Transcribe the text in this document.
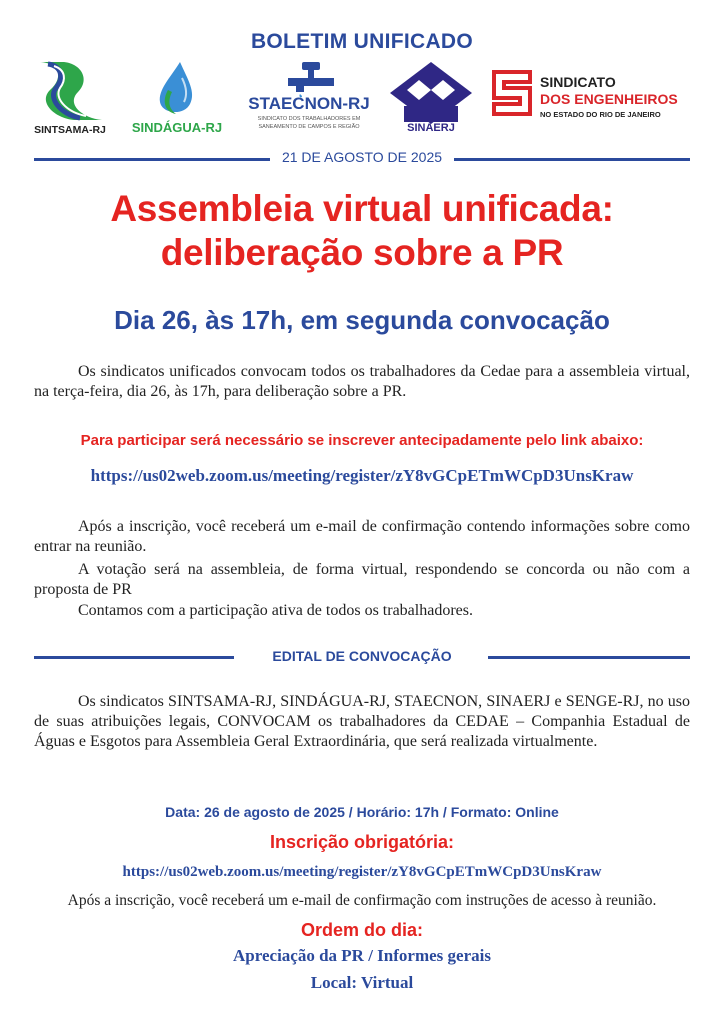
BOLETIM UNIFICADO
SINTSAMA-RJ	SINDÁGUA-RJ
STAECNON-RJ
SINDICATO DOS TRABALHADORES EM
SANEAMENTO DE CAMPOS E REGIÃO	SINAERJ
SINDICATO
DOS ENGENHEIROS
NO ESTADO DO RIO DE JANEIRO
21 DE AGOSTO DE 2025
Assembleia virtual unificada:
deliberação sobre a PR
Dia 26, às 17h, em segunda convocação
Os sindicatos unificados convocam todos os trabalhadores da Cedae para a assembleia virtual, na terça-feira, dia 26, às 17h, para deliberação sobre a PR.
Para participar será necessário se inscrever antecipadamente pelo link abaixo:
https://us02web.zoom.us/meeting/register/zY8vGCpETmWCpD3UnsKraw
Após a inscrição, você receberá um e-mail de confirmação contendo informações sobre como entrar na reunião.
A votação será na assembleia, de forma virtual, respondendo se concorda ou não com a proposta de PR
Contamos com a participação ativa de todos os trabalhadores.
EDITAL DE CONVOCAÇÃO
Os sindicatos SINTSAMA-RJ, SINDÁGUA-RJ, STAECNON, SINAERJ e SENGE-RJ, no uso de suas atribuições legais, CONVOCAM os trabalhadores da CEDAE – Companhia Estadual de Águas e Esgotos para Assembleia Geral Extraordinária, que será realizada virtualmente.
Data: 26 de agosto de 2025 / Horário: 17h / Formato: Online
Inscrição obrigatória:
https://us02web.zoom.us/meeting/register/zY8vGCpETmWCpD3UnsKraw
Após a inscrição, você receberá um e-mail de confirmação com instruções de acesso à reunião.
Ordem do dia:
Apreciação da PR / Informes gerais
Local: Virtual
